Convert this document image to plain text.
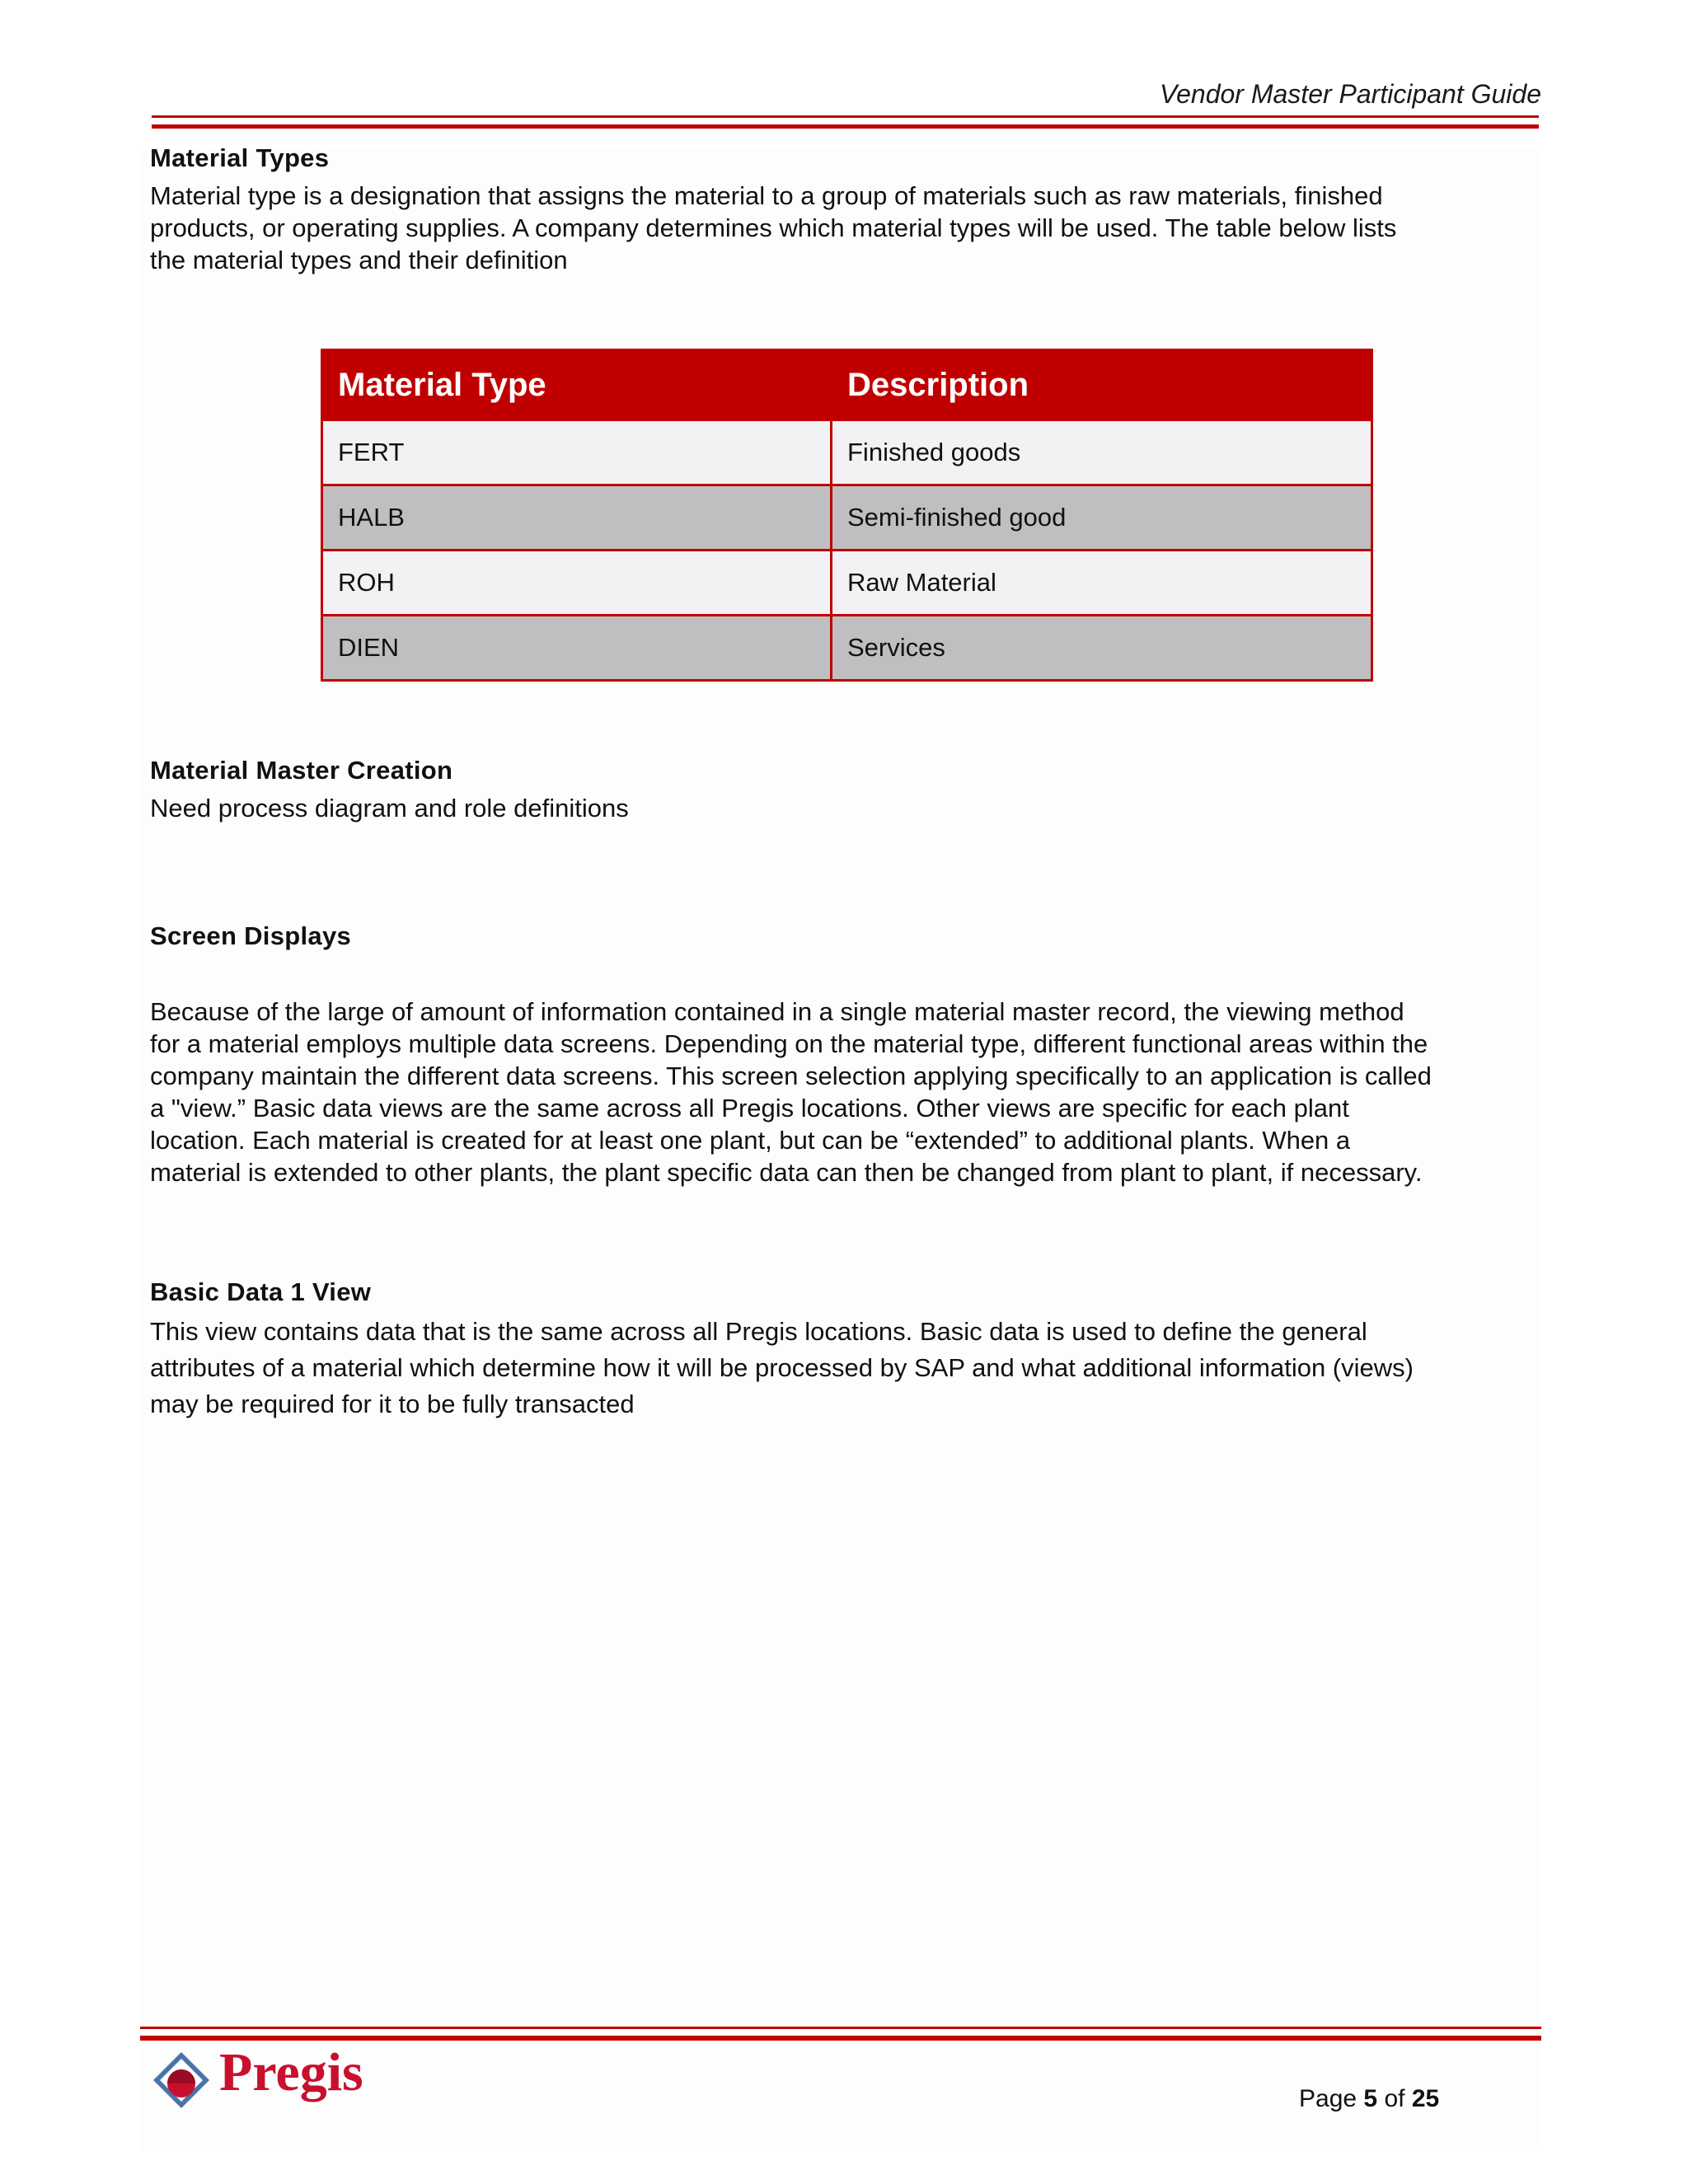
Vendor Master Participant Guide
Material Types

Material type is a designation that assigns the material to a group of materials such as raw materials, finished

products, or operating supplies. A company determines which material types will be used. The table below lists

the material types and their definition

Material Type	Description
FERT	Finished goods
HALB	Semi-finished good
ROH	Raw Material
DIEN	Services
Material Master Creation

Need process diagram and role definitions

Screen Displays

Because of the large of amount of information contained in a single material master record, the viewing method

for a material employs multiple data screens. Depending on the material type, different functional areas within the

company maintain the different data screens. This screen selection applying specifically to an application is called

a "view.” Basic data views are the same across all Pregis locations. Other views are specific for each plant

location. Each material is created for at least one plant, but can be “extended” to additional plants. When a

material is extended to other plants, the plant specific data can then be changed from plant to plant, if necessary.

Basic Data 1 View

This view contains data that is the same across all Pregis locations. Basic data is used to define the general

attributes of a material which determine how it will be processed by SAP and what additional information (views)

may be required for it to be fully transacted

Pregis	Page 5 of 25
